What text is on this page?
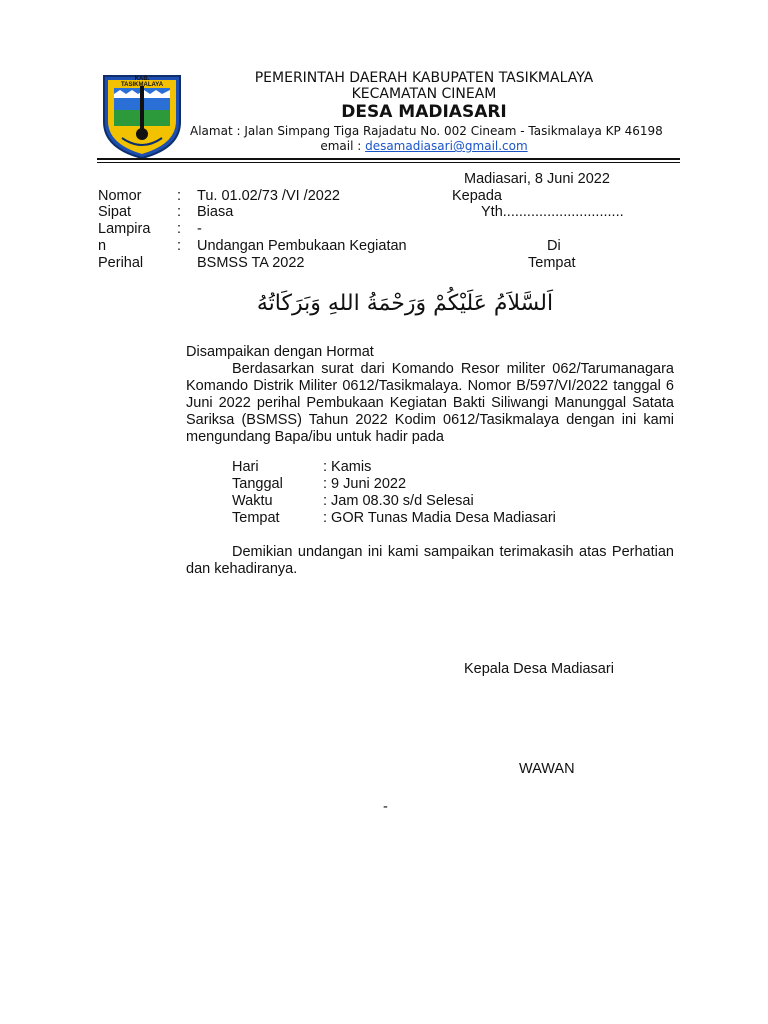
KAB. TASIKMALAYA	PEMERINTAH DAERAH KABUPATEN TASIKMALAYA
KECAMATAN CINEAM
DESA MADIASARI
Alamat : Jalan Simpang Tiga Rajadatu No. 002 Cineam - Tasikmalaya KP 46198
email : desamadiasari@gmail.com
Madiasari, 8 Juni 2022
Nomor : Tu. 01.02/73 /VI /2022
Sipat	: Biasa
Lampira : -
n	: Undangan Pembukaan Kegiatan
Perihal	BSMSS TA 2022
Kepada
Yth..............................
Di
Tempat
اَلسَّلاَمُ عَلَيْكُمْ وَرَحْمَةُ اللهِ وَبَرَكَاتُهُ
Disampaikan dengan Hormat
Berdasarkan surat dari Komando Resor militer 062/Tarumanagara Komando Distrik Militer 0612/Tasikmalaya. Nomor B/597/VI/2022 tanggal 6 Juni 2022 perihal Pembukaan Kegiatan Bakti Siliwangi Manunggal Satata Sariksa (BSMSS) Tahun 2022 Kodim 0612/Tasikmalaya dengan ini kami mengundang Bapa/ibu untuk hadir pada
Hari	: Kamis
Tanggal	: 9 Juni 2022
Waktu	: Jam 08.30 s/d Selesai
Tempat	: GOR Tunas Madia Desa Madiasari
Demikian undangan ini kami sampaikan terimakasih atas Perhatian dan kehadiranya.
Kepala Desa Madiasari
WAWAN
-
